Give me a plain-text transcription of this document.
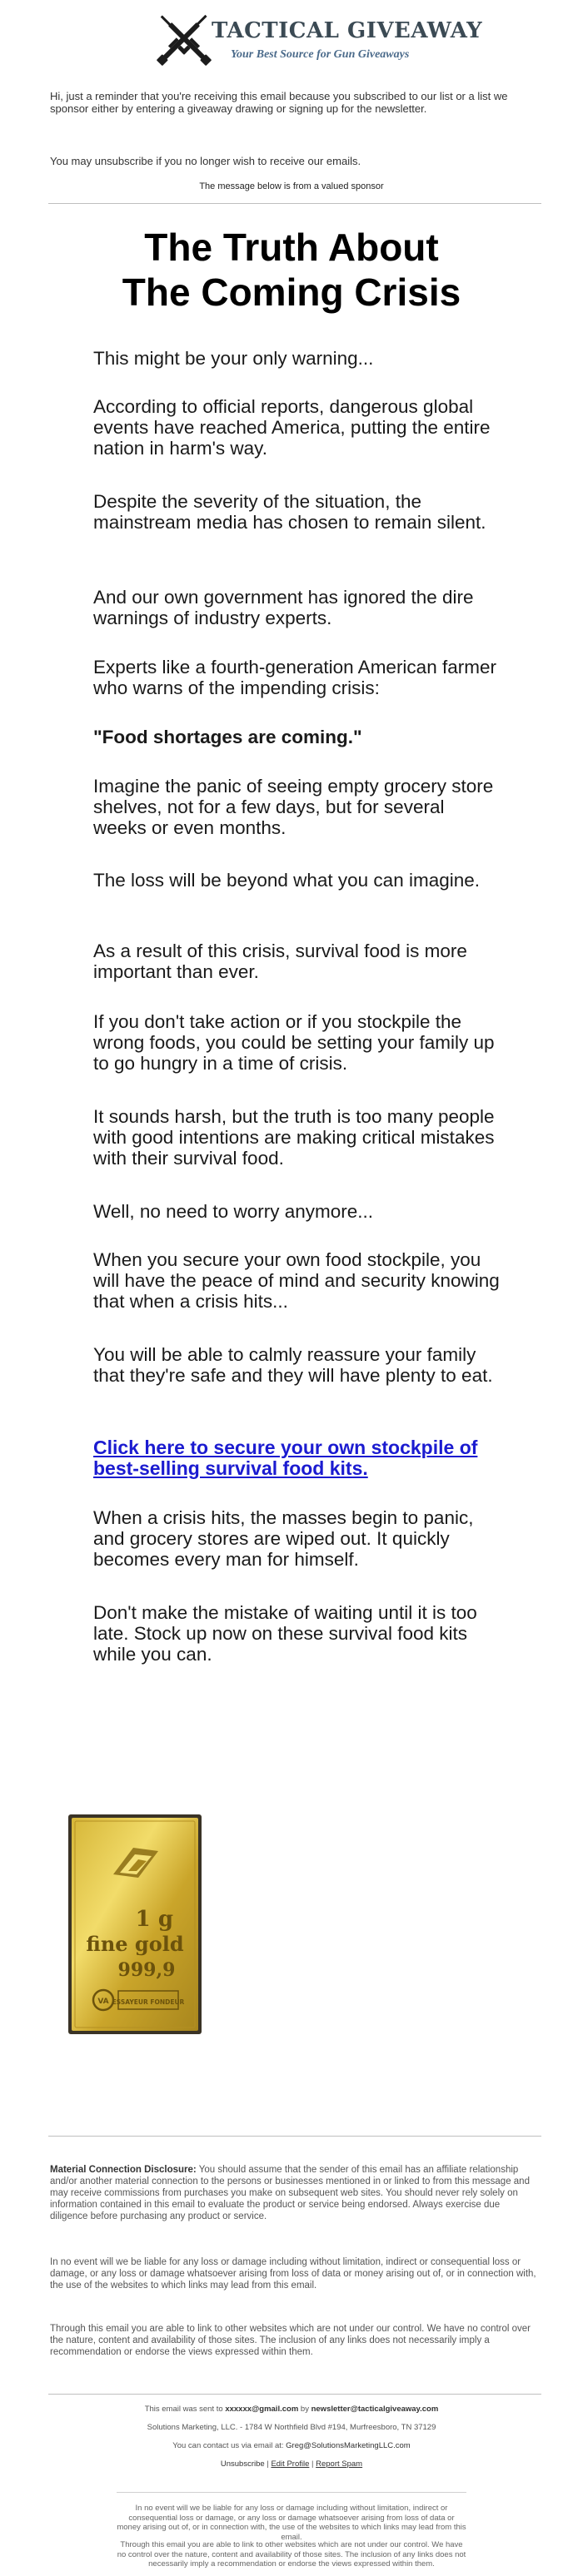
TACTICAL GIVEAWAY
Your Best Source for Gun Giveaways

Hi, just a reminder that you're receiving this email because you subscribed to our list or a list we sponsor either by entering a giveaway drawing or signing up for the newsletter.

You may unsubscribe if you no longer wish to receive our emails.

The message below is from a valued sponsor

The Truth About
The Coming Crisis

This might be your only warning...

According to official reports, dangerous global events have reached America, putting the entire nation in harm's way.

Despite the severity of the situation, the mainstream media has chosen to remain silent.

And our own government has ignored the dire warnings of industry experts.

Experts like a fourth-generation American farmer who warns of the impending crisis:

"Food shortages are coming."

Imagine the panic of seeing empty grocery store shelves, not for a few days, but for several weeks or even months.

The loss will be beyond what you can imagine.

As a result of this crisis, survival food is more important than ever.

If you don't take action or if you stockpile the wrong foods, you could be setting your family up to go hungry in a time of crisis.

It sounds harsh, but the truth is too many people with good intentions are making critical mistakes with their survival food.

Well, no need to worry anymore...

When you secure your own food stockpile, you will have the peace of mind and security knowing that when a crisis hits...

You will be able to calmly reassure your family that they're safe and they will have plenty to eat.

Click here to secure your own stockpile of best-selling survival food kits.

When a crisis hits, the masses begin to panic, and grocery stores are wiped out. It quickly becomes every man for himself.

Don't make the mistake of waiting until it is too late. Stock up now on these survival food kits while you can.

1 g
fine gold
999,9
VA ESSAYEUR FONDEUR

Material Connection Disclosure: You should assume that the sender of this email has an affiliate relationship and/or another material connection to the persons or businesses mentioned in or linked to from this message and may receive commissions from purchases you make on subsequent web sites. You should never rely solely on information contained in this email to evaluate the product or service being endorsed. Always exercise due diligence before purchasing any product or service.

In no event will we be liable for any loss or damage including without limitation, indirect or consequential loss or damage, or any loss or damage whatsoever arising from loss of data or money arising out of, or in connection with, the use of the websites to which links may lead from this email.

Through this email you are able to link to other websites which are not under our control. We have no control over the nature, content and availability of those sites. The inclusion of any links does not necessarily imply a recommendation or endorse the views expressed within them.

This email was sent to xxxxxx@gmail.com by newsletter@tacticalgiveaway.com

Solutions Marketing, LLC. - 1784 W Northfield Blvd #194, Murfreesboro, TN 37129

You can contact us via email at: Greg@SolutionsMarketingLLC.com

Unsubscribe | Edit Profile | Report Spam

In no event will we be liable for any loss or damage including without limitation, indirect or consequential loss or damage, or any loss or damage whatsoever arising from loss of data or money arising out of, or in connection with, the use of the websites to which links may lead from this email.

Through this email you are able to link to other websites which are not under our control. We have no control over the nature, content and availability of those sites. The inclusion of any links does not necessarily imply a recommendation or endorse the views expressed within them.
